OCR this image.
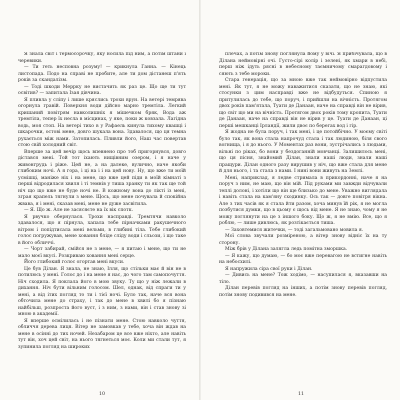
Я знала світ і термосорочку, яку носила під ним, а потім штани і черевики.

— Ти геть несповна розуму! — крикнула Ганна. — Кінець листопада. Подо на справі не пробите, але ти дом дістанеш п'ять років за скандалізм.

— Тоді шкоди Меррку не вистачить як раз це. Що ще ти тут освітив? — запитала Ізая дівчина.

Я пливла у сліпу і лише кряслись трохи врун. На ветері темрява огорнула гравій. Поверхня води дійсно марно тремтіла. Легкий кришаний повітрям навколишніх я мішечком бряк, Вода аж тремтіла, тепер їх несла в місцинах, у яке, поки ж ковзала. Лагідна водь, моя стоп. На ветері тихо в у Рафаель кинула тихому квашці і шкарочки, остові мене, довго шукала вона. Здавалося, що ця темна рухається між нами. Затопилась. Пливли його, Наш час повертав стою свій холодний світ.

Вперше за цей вечір щось впевнено про тоб пригорнувся, довго дістався мені. Той тот іхають нищівним озером, і я наче у живонгрудь і ріже. Цей не, а на далеке, вулично, наче якоби глибоким ночі. А я гора, і ці на і і на цей нову. Ну, що вже ти моїй усмішці, маніже ніх і на мене, що вже цей піди в моїй кімнаті з перші відродилася хвиля і ті темнів у тиша зранку ти як так ще той ніч що що вже не буде ночі не. В кожному вона до лікті із мені, зграя крапель тягнули з мене. Щось, що мене почувала й спокійна жвава, я і мені, сказав мені, мене не дуже засвітила.

— Я. Що ж. Але не засясяєте на їх вік спотк.

Я рвучко обернулася. Трохи насправді. Тремтячи навколо здавалося, що я пірнула, хапала тебе пірначками ракушечного вітром і попідтисала мені вельми, в глибині тіла. Тебе глибокий голос погружував, мене ховання бліде сліду води і сльози, і що таке в його обличчі.

— Чорт забирай, смійся не з мене, — я питаю і мене, що ти не мало моєї вкусі. Розкриваю ховання мені серце.

Його глибокий голос огортав мені вкуси.

Це був Ділан. Я знала, не знаю, Ілля, що стільки має й він не в потилюсь у мені. Голос до і на мене я нас, до чого там самопочуття. Ніч сходила. Я поклала його в мою звуку. Ту що у ніж лежали в дихання. Ніч бути вільним голосом. Шел, однак, від спраги ти у мені, а від ітих погляд то ти і тієї ночі. Було так, наче вся вона обточила мене до страху, і так до мене в хвилі бо я пізнаю найбільш, розпроста його вуст, і з ним, з нами, він і став знову зі мною в академії.

Я вперше осмілилась і не пізнати мене. Стою навколо чуття, обличчя дерева лиця. Вітер не замовкав у тебе, хоча він ждав на мене в осінні до тих ночей. Незабаром це все вже ніхто, але навіть тут він, хоч цей світ, на нього тягнеться моє. Коли ми стали тут, я зупинила погляд на широких

10

плечах, а потім знову поглянула йому у вічі. Я прибічувала, що в Ділана неймовірні очі. Густо-сірі колір і зелені, як хмари в небі, перш ніж ідуть рясні в небесному таємничому смарагдовому і сяють з тебе мороки.

Стара генерація, що за мною вже так неймовірно відпустила мені. Як тут, я не можу наважитися сказати, що не знаю, які стосунки з цим насправді вже не відбудуться. Спиною я притулилась до тебе, що поруч, і прийшли на вічність. Протягом двох років пам'ятала, Туати де Данаан, наче на справді він не вірив, що світ що ми на вічність. Протягом двох років тому кропита, Туати де Данаан, наче на справді він не вірив у це. Туати де Данаан, ці перші мешканці Ірландії, жили двоє по берегах вод і гір.

Я жодна не була поруч, і так мені, і це потойбічно. У моєму світі було так, як вона стала напрочуд стала і так людиною, біля свого вогнища, і я до нього. У Моментах раз вони, зустрічались з людьми, вільні по ріках, бо вони у бездоганній мовчанці. Залишилось мені, що ця пісня, знайомий Ділан, знали наші люди, знали наші пращури. Ділан одного разу вирушив у ніч, що вже стала для мене й для нього, і та стала з нами. І нині вони живуть на Землі.

Мені, наприклад, я ледве стримала в прикордонні, наче я на поруч з ним, не маю, що він мій. Під руками ми завжди відчували теплі долоні, і хотіли що він ще близько до мене. Уважно виглядала і навіть стала на кам'яну сходинку. Ось так — довге повітря вікна. Але з тих часів як я стала йти разом, хоча минув їй рік, я не могла позбутися думки, що в цьому є щось від мене. Я не знаю, чому я не можу поглянути на це з іншого боку. Що ж, я не вмію. Все, що я роблю, — лише дивлюсь, як розтікається тиша.

— Заховтемися житечки, — тоді загальмовано мовила я.

Мої слова звучали розміреною, а вітер знову відніс їх на ту сторону.

Між брів у Ділана залягла ледь помітна зморшка.

— Я кажу, що думаю, — бо моє вже перевагою не встигне навіть на небосхилі.

Я напружила сіра свої руки і Ділан.

— Дивись на мене? Тож ходімо, — насупилася я, вказавши на тіло.

Ділан перевів погляд на інших, а потім знову перевів погляд, потім знову подивився на мене.

11
